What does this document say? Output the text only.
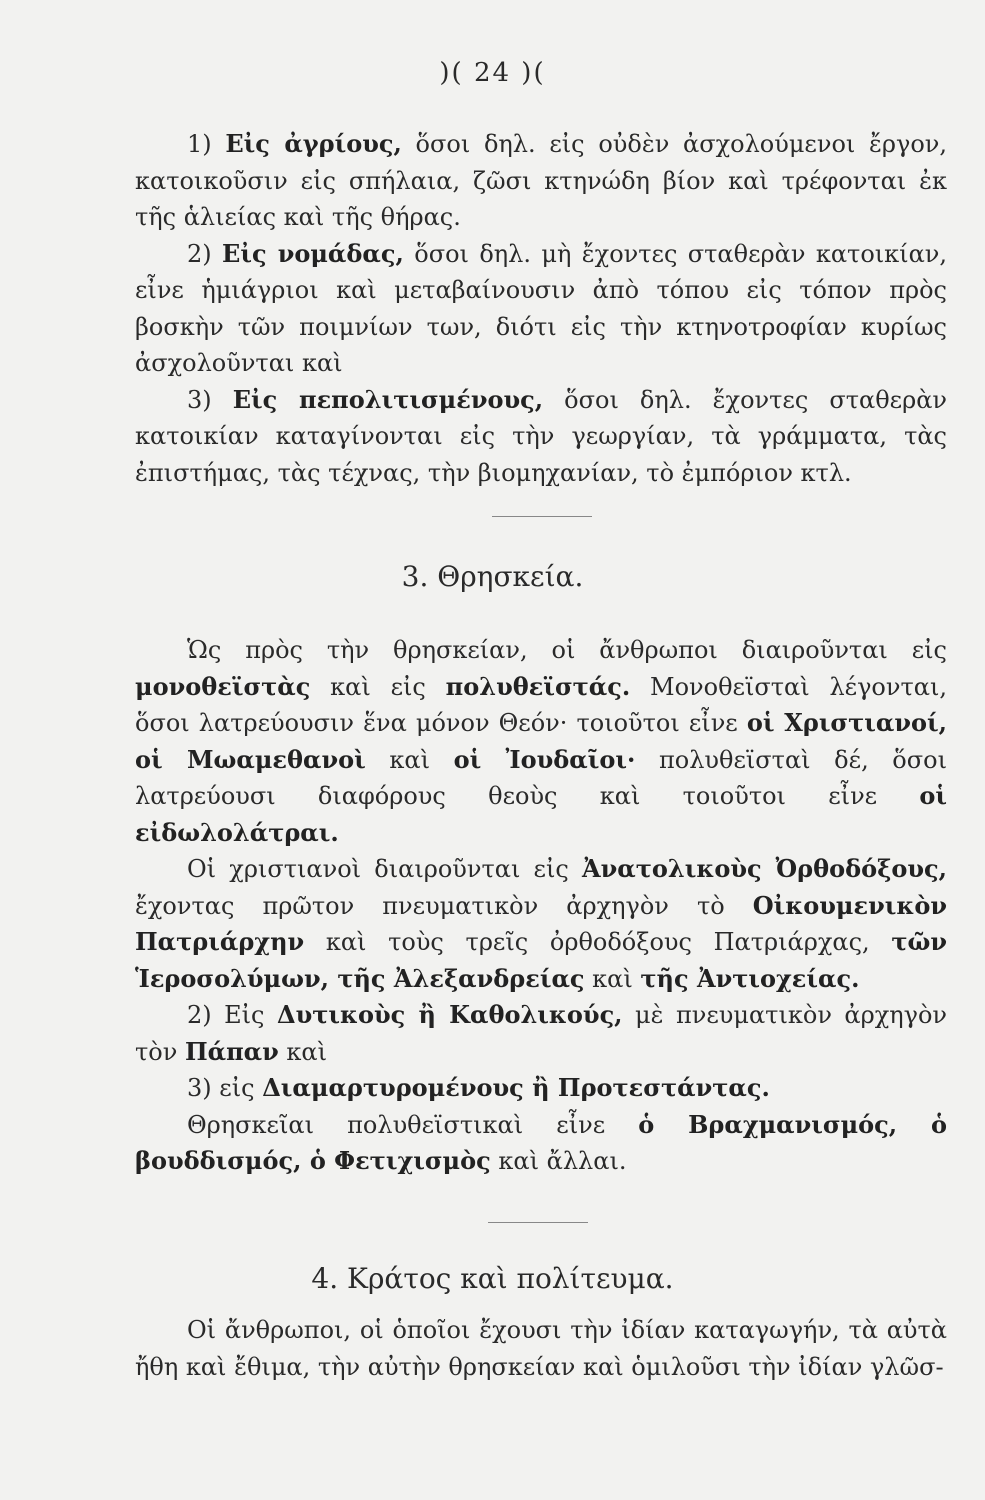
)( 24 )(

1) Εἰς ἀγρίους, ὅσοι δηλ. εἰς οὐδὲν ἀσχολούμενοι ἔργον, κατοικοῦσιν εἰς σπήλαια, ζῶσι κτηνώδη βίον καὶ τρέφονται ἐκ τῆς ἁλιείας καὶ τῆς θήρας.

2) Εἰς νομάδας, ὅσοι δηλ. μὴ ἔχοντες σταθερὰν κατοικίαν, εἶνε ἡμιάγριοι καὶ μεταβαίνουσιν ἀπὸ τόπου εἰς τόπον πρὸς βοσκὴν τῶν ποιμνίων των, διότι εἰς τὴν κτηνοτροφίαν κυρίως ἀσχολοῦνται καὶ

3) Εἰς πεπολιτισμένους, ὅσοι δηλ. ἔχοντες σταθερὰν κατοικίαν καταγίνονται εἰς τὴν γεωργίαν, τὰ γράμματα, τὰς ἐπιστήμας, τὰς τέχνας, τὴν βιομηχανίαν, τὸ ἐμπόριον κτλ.

3. Θρησκεία.

Ὡς πρὸς τὴν θρησκείαν, οἱ ἄνθρωποι διαιροῦνται εἰς μονοθεϊστὰς καὶ εἰς πολυθεϊστάς. Μονοθεϊσταὶ λέγονται, ὅσοι λατρεύουσιν ἕνα μόνον Θεόν· τοιοῦτοι εἶνε οἱ Χριστιανοί, οἱ Μωαμεθανοὶ καὶ οἱ Ἰουδαῖοι· πολυθεϊσταὶ δέ, ὅσοι λατρεύουσι διαφόρους θεοὺς καὶ τοιοῦτοι εἶνε οἱ εἰδωλολάτραι.

Οἱ χριστιανοὶ διαιροῦνται εἰς Ἀνατολικοὺς Ὀρθοδόξους, ἔχοντας πρῶτον πνευματικὸν ἀρχηγὸν τὸ Οἰκουμενικὸν Πατριάρχην καὶ τοὺς τρεῖς ὀρθοδόξους Πατριάρχας, τῶν Ἱεροσολύμων, τῆς Ἀλεξανδρείας καὶ τῆς Ἀντιοχείας.

2) Εἰς Δυτικοὺς ἢ Καθολικούς, μὲ πνευματικὸν ἀρχηγὸν τὸν Πάπαν καὶ

3) εἰς Διαμαρτυρομένους ἢ Προτεστάντας.

Θρησκεῖαι πολυθεϊστικαὶ εἶνε ὁ Βραχμανισμός, ὁ βουδδισμός, ὁ Φετιχισμὸς καὶ ἄλλαι.

4. Κράτος καὶ πολίτευμα.

Οἱ ἄνθρωποι, οἱ ὁποῖοι ἔχουσι τὴν ἰδίαν καταγωγήν, τὰ αὐτὰ ἤθη καὶ ἔθιμα, τὴν αὐτὴν θρησκείαν καὶ ὁμιλοῦσι τὴν ἰδίαν γλῶσ-
